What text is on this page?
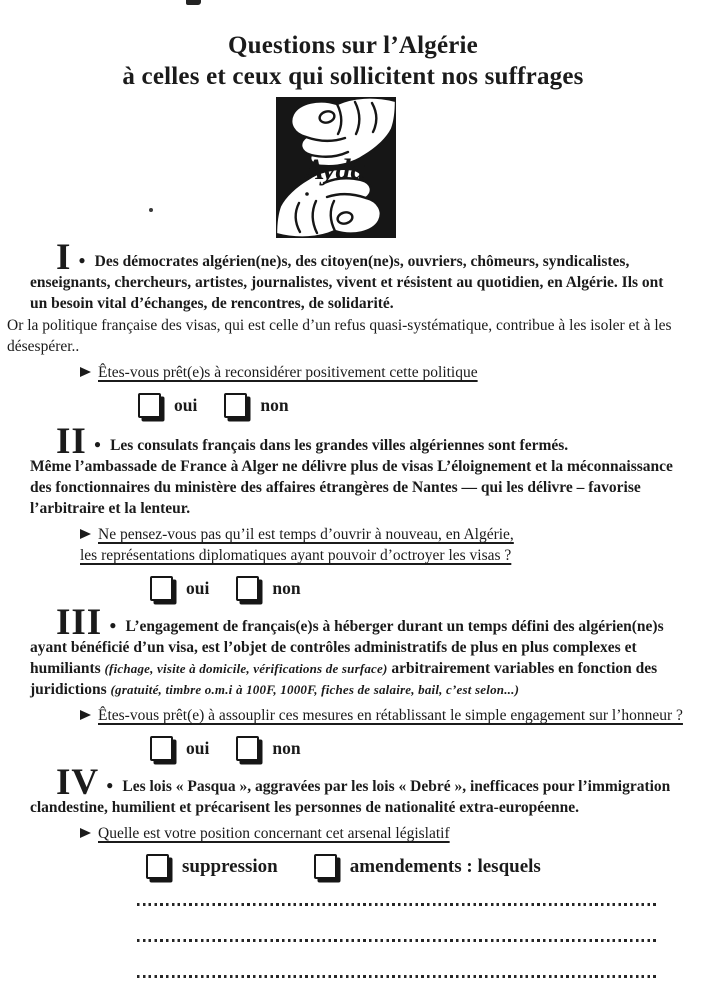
Questions sur l’Algérie
à celles et ceux qui sollicitent nos suffrages
Ayda

I ● Des démocrates algérien(ne)s, des citoyen(ne)s, ouvriers, chômeurs, syndicalistes, enseignants, chercheurs, artistes, journalistes, vivent et résistent au quotidien, en Algérie. Ils ont un besoin vital d’échanges, de rencontres, de solidarité.

Or la politique française des visas, qui est celle d’un refus quasi-systématique, contribue à les isoler et à les désespérer..

Êtes-vous prêt(e)s à reconsidérer positivement cette politique
oui	non

II ● Les consulats français dans les grandes villes algériennes sont fermés.
Même l’ambassade de France à Alger ne délivre plus de visas L’éloignement et la méconnaissance des fonctionnaires du ministère des affaires étrangères de Nantes — qui les délivre – favorise l’arbitraire et la lenteur.

Ne pensez-vous pas qu’il est temps d’ouvrir à nouveau, en Algérie,
les représentations diplomatiques ayant pouvoir d’octroyer les visas ?
oui	non

III ● L’engagement de français(e)s à héberger durant un temps défini des algérien(ne)s ayant bénéficié d’un visa, est l’objet de contrôles administratifs de plus en plus complexes et humiliants (fichage, visite à domicile, vérifications de surface) arbitrairement variables en fonction des juridictions (gratuité, timbre o.m.i à 100F, 1000F, fiches de salaire, bail, c’est selon...)

Êtes-vous prêt(e) à assouplir ces mesures en rétablissant le simple engagement sur l’honneur ?
oui	non

IV ● Les lois « Pasqua », aggravées par les lois « Debré », inefficaces pour l’immigration clandestine, humilient et précarisent les personnes de nationalité extra-européenne.

Quelle est votre position concernant cet arsenal législatif
suppression	amendements : lesquels
